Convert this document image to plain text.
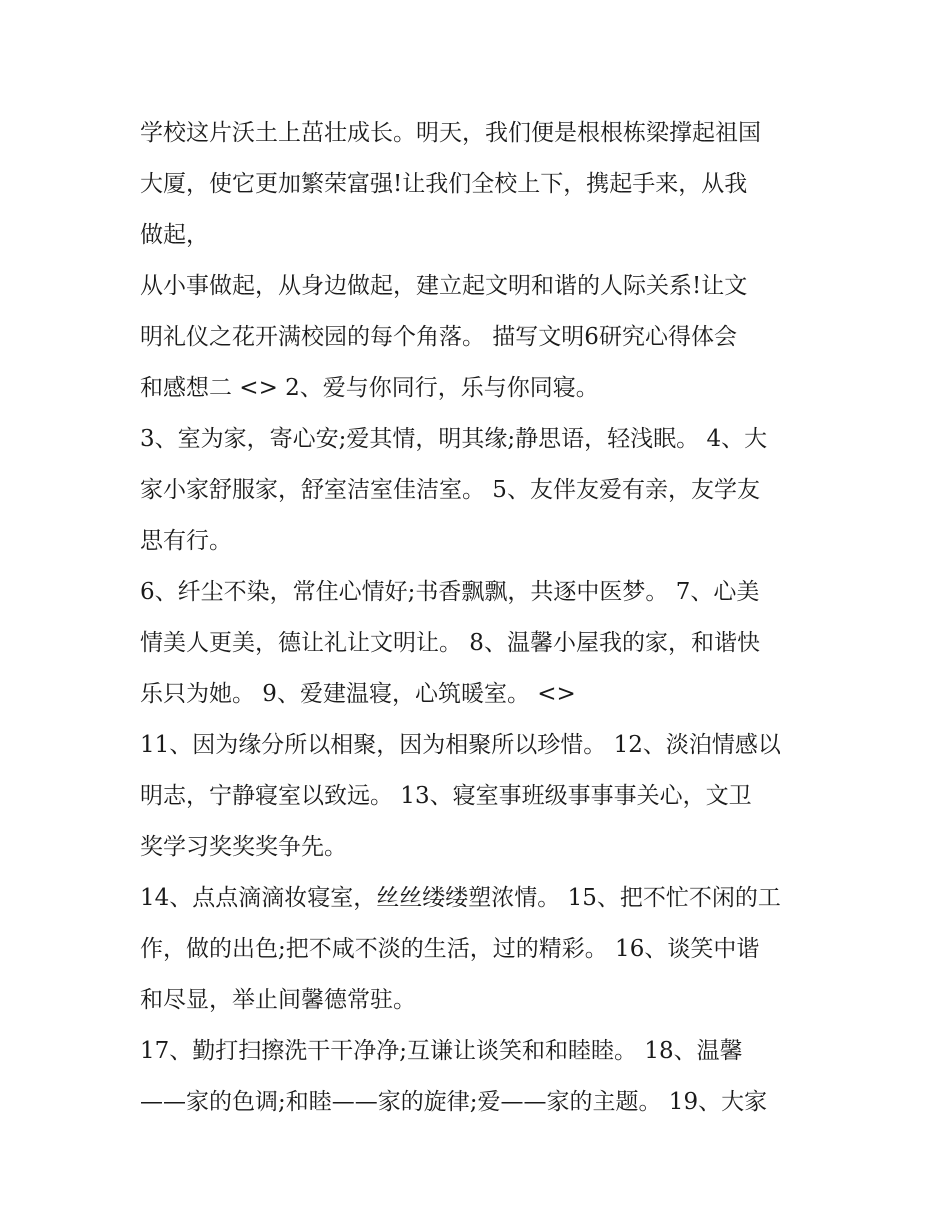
学校这片沃土上茁壮成长。明天，我们便是根根栋梁撑起祖国
大厦，使它更加繁荣富强!让我们全校上下，携起手来，从我
做起，

从小事做起，从身边做起，建立起文明和谐的人际关系!让文
明礼仪之花开满校园的每个角落。 描写文明6研究心得体会
和感想二 <> 2、爱与你同行，乐与你同寝。

3、室为家，寄心安;爱其情，明其缘;静思语，轻浅眠。 4、大
家小家舒服家，舒室洁室佳洁室。 5、友伴友爱有亲，友学友
思有行。

6、纤尘不染，常住心情好;书香飘飘，共逐中医梦。 7、心美
情美人更美，德让礼让文明让。 8、温馨小屋我的家，和谐快
乐只为她。 9、爱建温寝，心筑暖室。 <>

11、因为缘分所以相聚，因为相聚所以珍惜。 12、淡泊情感以
明志，宁静寝室以致远。 13、寝室事班级事事事关心，文卫
奖学习奖奖奖争先。

14、点点滴滴妆寝室，丝丝缕缕塑浓情。 15、把不忙不闲的工
作，做的出色;把不咸不淡的生活，过的精彩。 16、谈笑中谐
和尽显，举止间馨德常驻。

17、勤打扫擦洗干干净净;互谦让谈笑和和睦睦。 18、温馨
——家的色调;和睦——家的旋律;爱——家的主题。 19、大家
